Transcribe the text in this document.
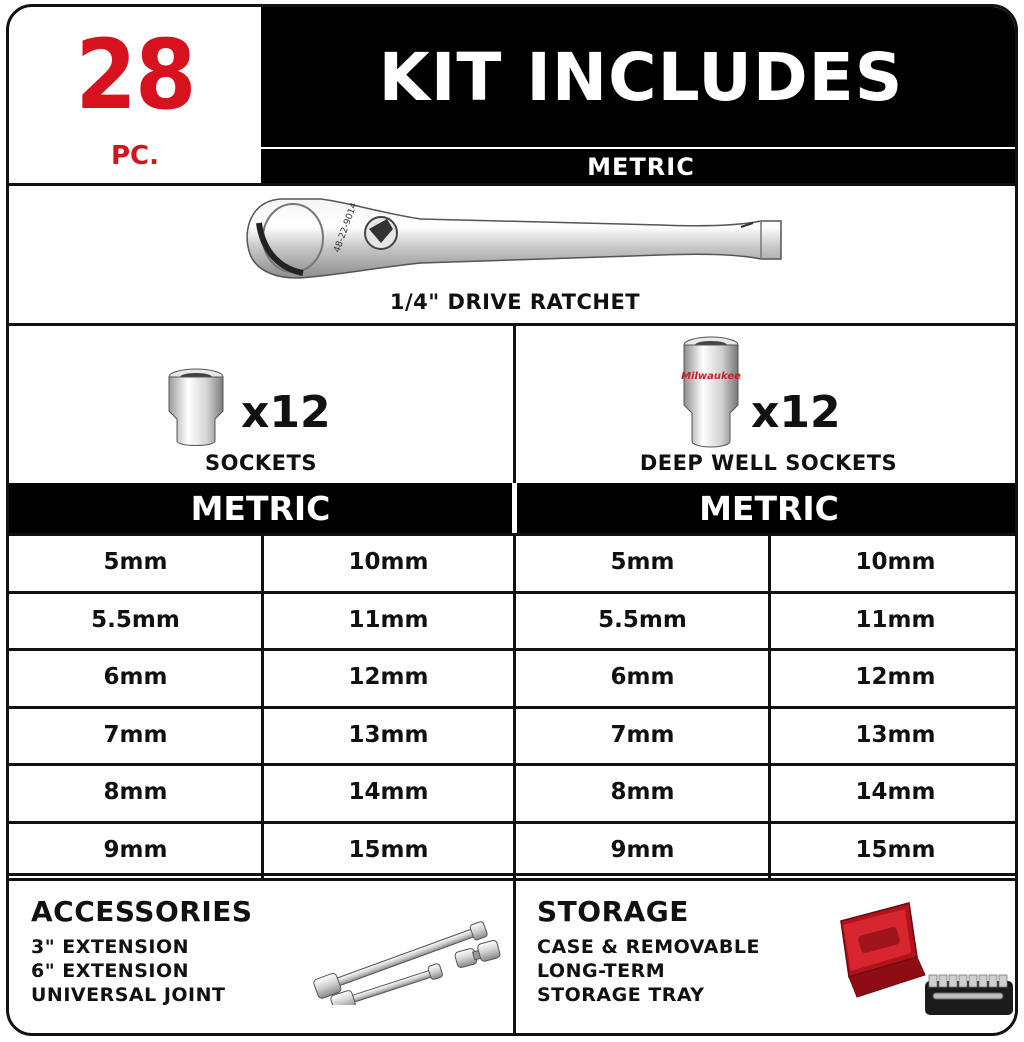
28
PC.
KIT INCLUDES
METRIC
48-22-9014
1/4" DRIVE RATCHET
x12
SOCKETS
Milwaukee
x12
DEEP WELL SOCKETS
METRIC	METRIC
5mm	10mm
5.5mm	11mm
6mm	12mm
7mm	13mm
8mm	14mm
9mm	15mm
5mm	10mm
5.5mm	11mm
6mm	12mm
7mm	13mm
8mm	14mm
9mm	15mm
ACCESSORIES
3" EXTENSION
6" EXTENSION
UNIVERSAL JOINT
STORAGE
CASE & REMOVABLE
LONG-TERM
STORAGE TRAY
